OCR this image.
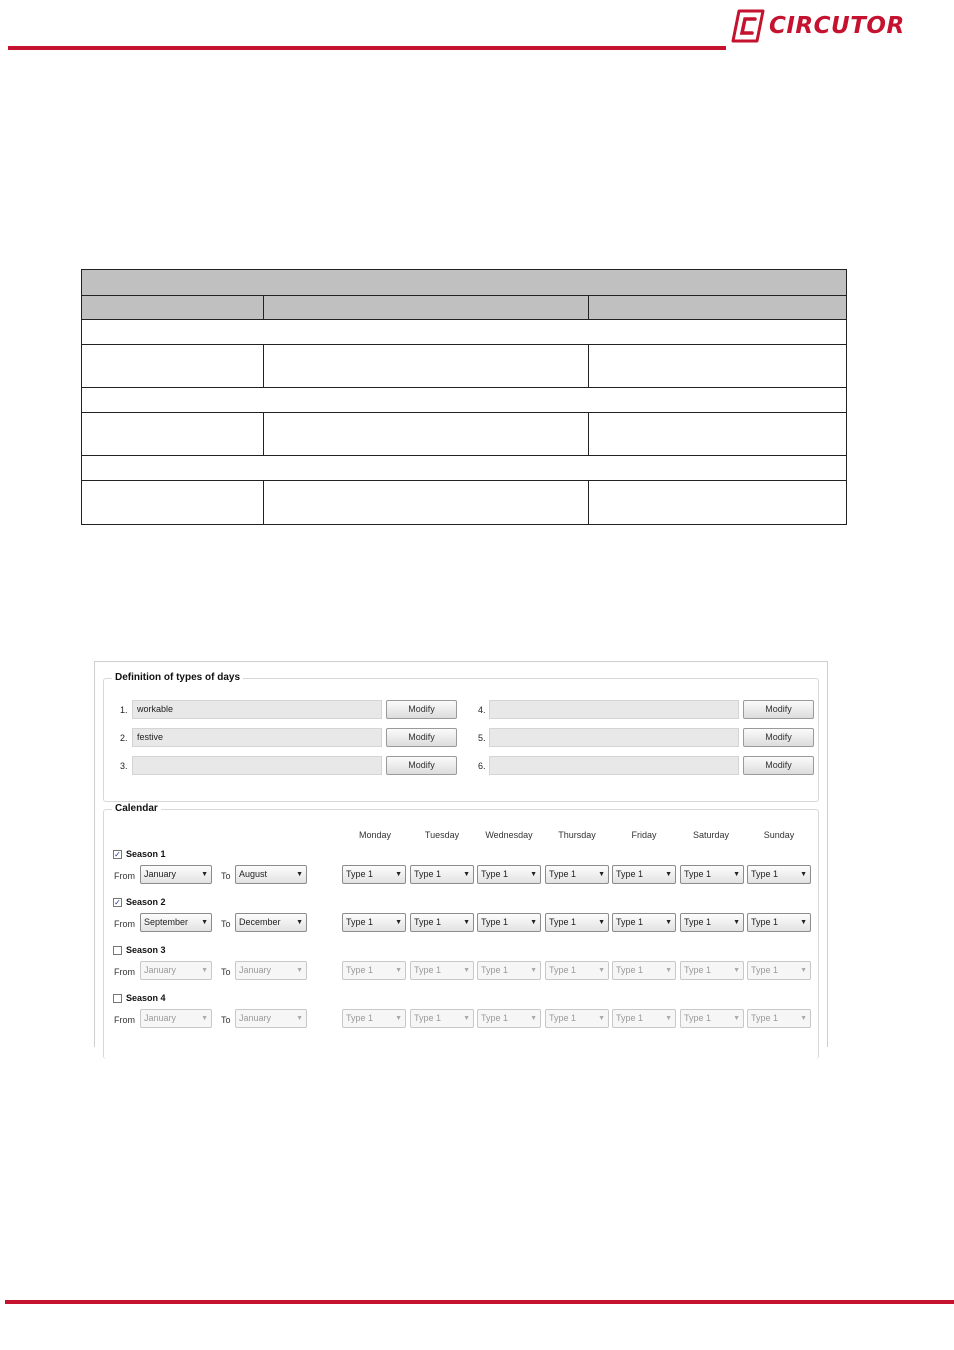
CIRCUTOR
Definition of types of days
1.	workable	Modify
2.	festive	Modify
3.	Modify
4.	Modify
5.	Modify
6.	Modify
Calendar
Monday	Tuesday	Wednesday	Thursday	Friday	Saturday	Sunday
✓ Season 1
From	January	▼ To August	▼	Type 1	▼	Type 1	▼	Type 1	▼	Type 1	▼	Type 1	▼	Type 1	▼	Type 1	▼
✓ Season 2
From	September ▼ To December ▼	Type 1	▼	Type 1	▼	Type 1	▼	Type 1	▼	Type 1	▼	Type 1	▼	Type 1	▼
Season 3
From	January	▼ To January	▼	Type 1	▼	Type 1	▼	Type 1	▼	Type 1	▼	Type 1	▼	Type 1	▼	Type 1	▼
Season 4
From	January	▼ To January	▼	Type 1	▼	Type 1	▼	Type 1	▼	Type 1	▼	Type 1	▼	Type 1	▼	Type 1	▼
